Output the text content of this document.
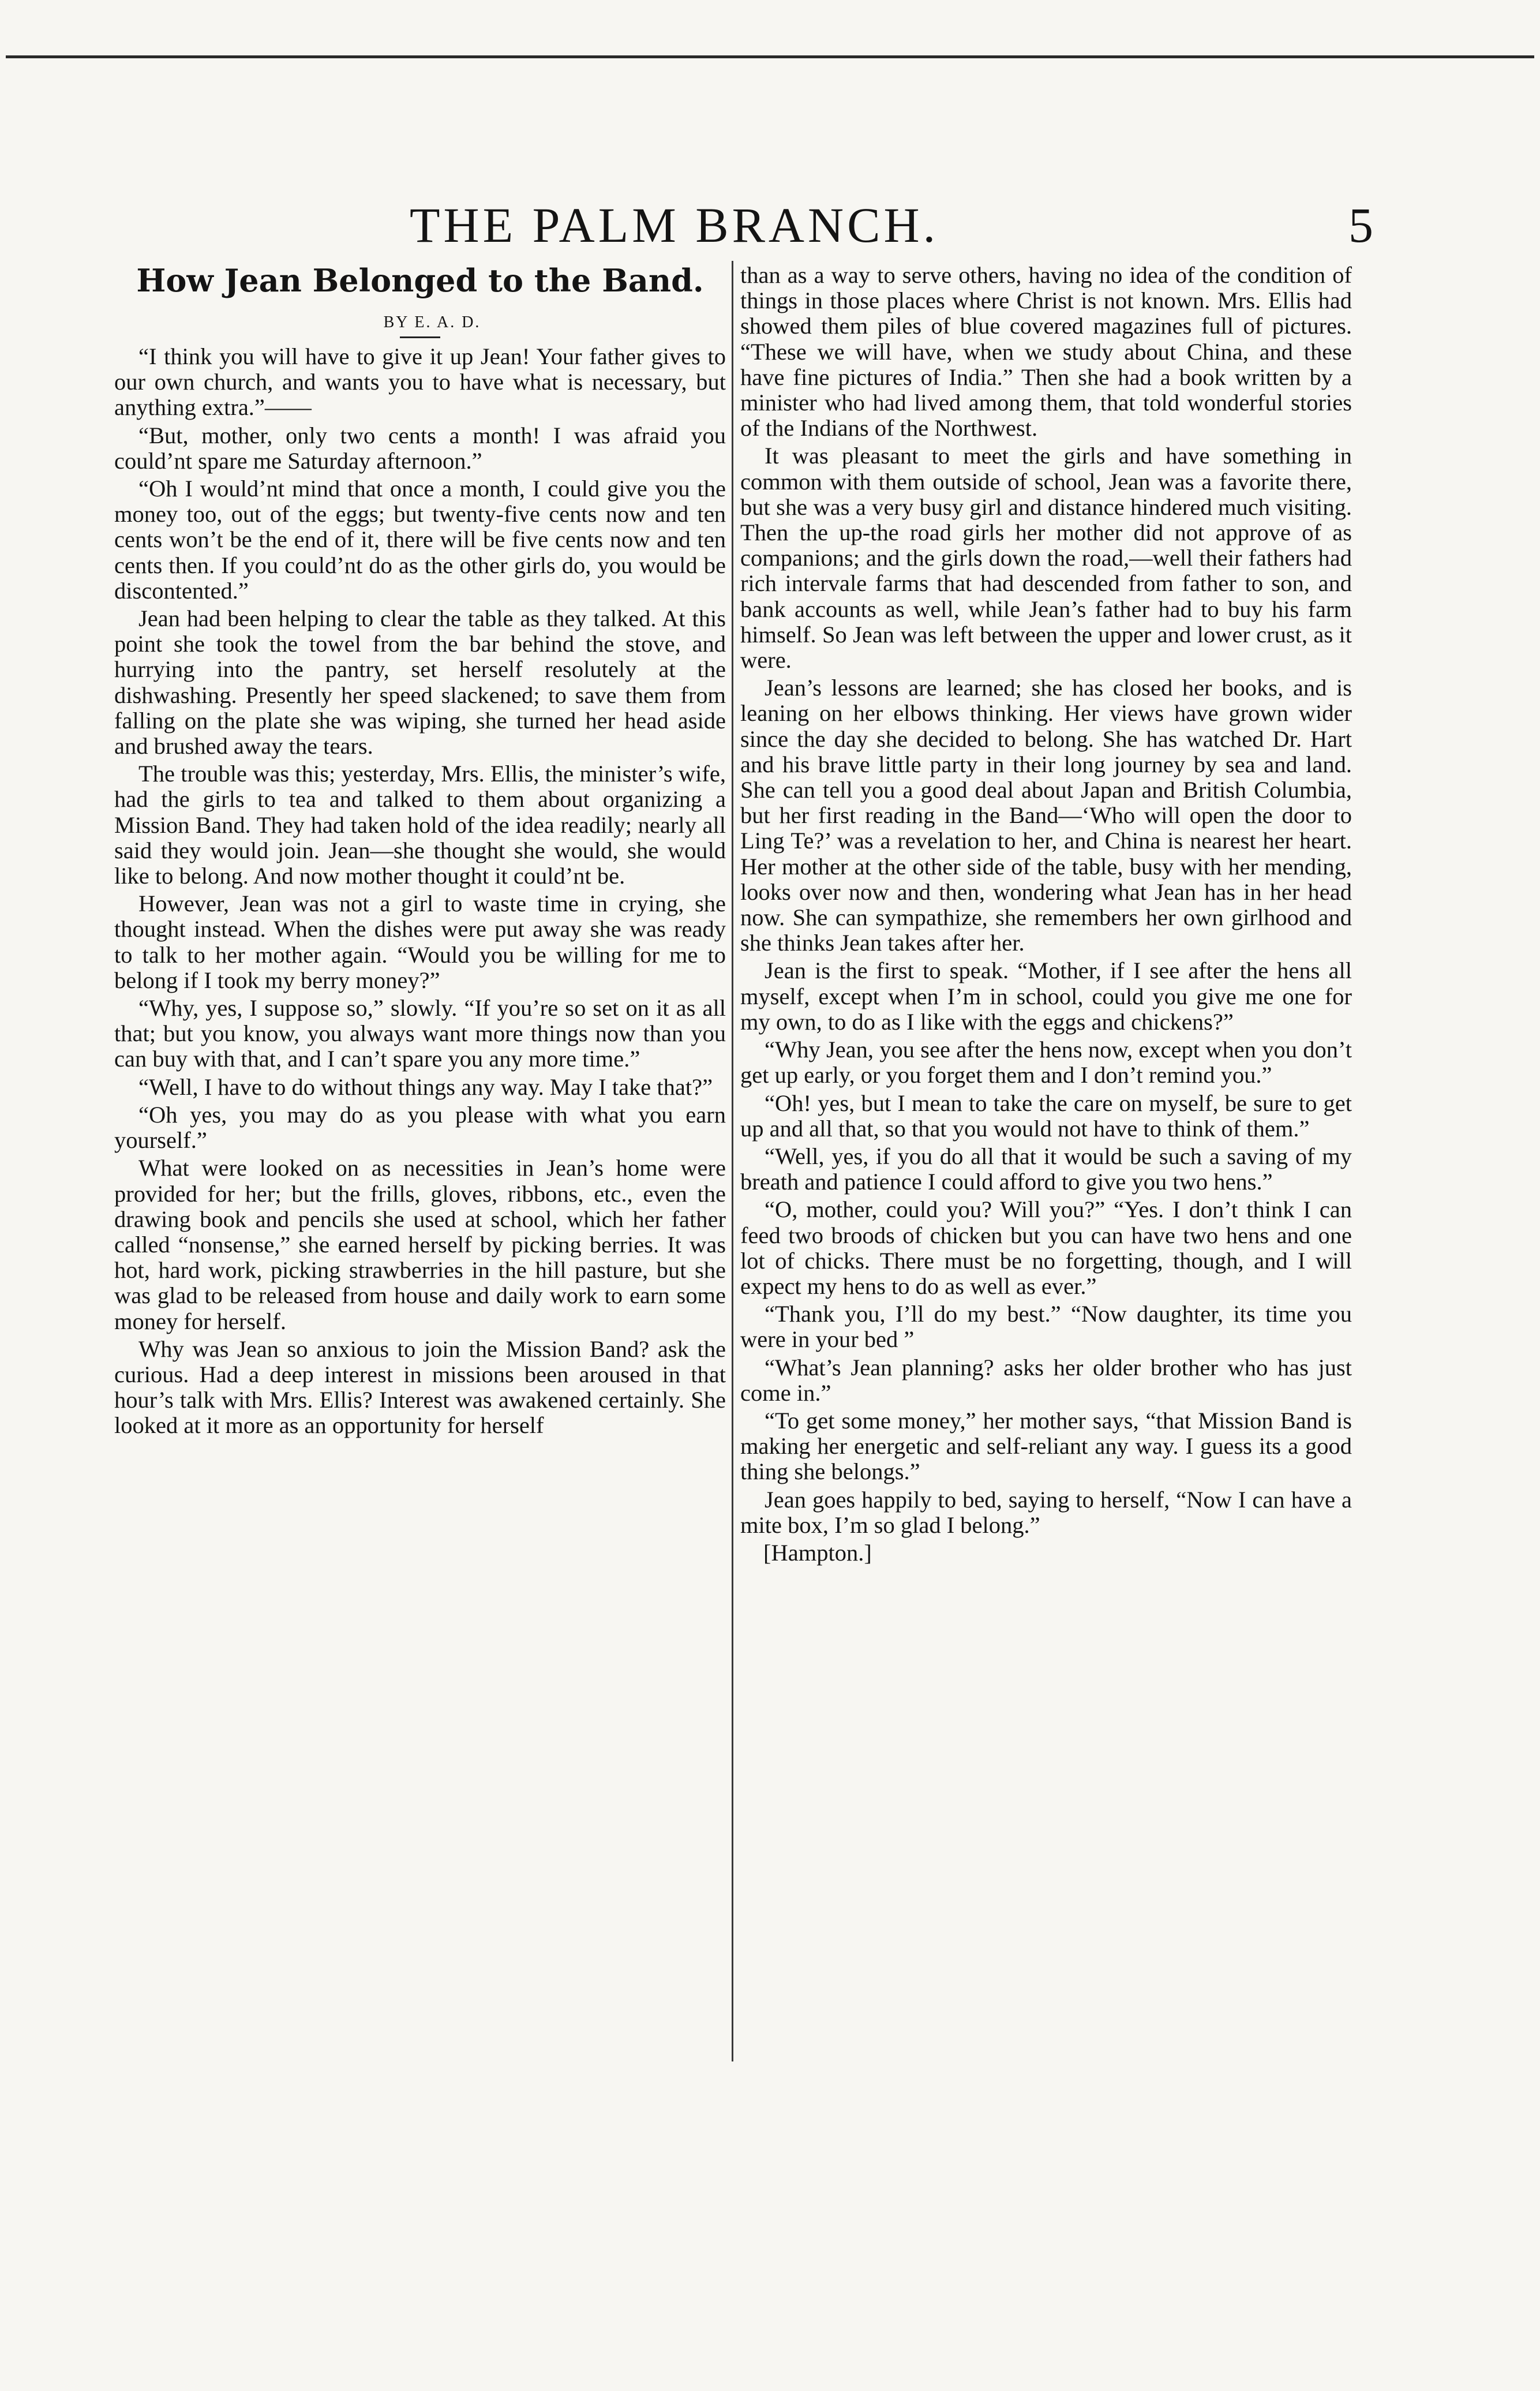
THE PALM BRANCH.	5
How Jean Belonged to the Band.

BY E. A. D.

“I think you will have to give it up Jean! Your father gives to our own church, and wants you to have what is necessary, but anything extra.”——

“But, mother, only two cents a month! I was afraid you could’nt spare me Saturday afternoon.”

“Oh I would’nt mind that once a month, I could give you the money too, out of the eggs; but twenty-five cents now and ten cents won’t be the end of it, there will be five cents now and ten cents then. If you could’nt do as the other girls do, you would be discontented.”

Jean had been helping to clear the table as they talked. At this point she took the towel from the bar behind the stove, and hurrying into the pantry, set herself resolutely at the dishwashing. Presently her speed slackened; to save them from falling on the plate she was wiping, she turned her head aside and brushed away the tears.

The trouble was this; yesterday, Mrs. Ellis, the minister’s wife, had the girls to tea and talked to them about organizing a Mission Band. They had taken hold of the idea readily; nearly all said they would join. Jean—she thought she would, she would like to belong. And now mother thought it could’nt be.

However, Jean was not a girl to waste time in crying, she thought instead. When the dishes were put away she was ready to talk to her mother again. “Would you be willing for me to belong if I took my berry money?”

“Why, yes, I suppose so,” slowly. “If you’re so set on it as all that; but you know, you always want more things now than you can buy with that, and I can’t spare you any more time.”

“Well, I have to do without things any way. May I take that?”

“Oh yes, you may do as you please with what you earn yourself.”

What were looked on as necessities in Jean’s home were provided for her; but the frills, gloves, ribbons, etc., even the drawing book and pencils she used at school, which her father called “nonsense,” she earned herself by picking berries. It was hot, hard work, picking strawberries in the hill pasture, but she was glad to be released from house and daily work to earn some money for herself.

Why was Jean so anxious to join the Mission Band? ask the curious. Had a deep interest in missions been aroused in that hour’s talk with Mrs. Ellis? Interest was awakened certainly. She looked at it more as an opportunity for herself

than as a way to serve others, having no idea of the condition of things in those places where Christ is not known. Mrs. Ellis had showed them piles of blue covered magazines full of pictures. “These we will have, when we study about China, and these have fine pictures of India.” Then she had a book written by a minister who had lived among them, that told wonderful stories of the Indians of the Northwest.

It was pleasant to meet the girls and have something in common with them outside of school, Jean was a favorite there, but she was a very busy girl and distance hindered much visiting. Then the up-the road girls her mother did not approve of as companions; and the girls down the road,—well their fathers had rich intervale farms that had descended from father to son, and bank accounts as well, while Jean’s father had to buy his farm himself. So Jean was left between the upper and lower crust, as it were.

Jean’s lessons are learned; she has closed her books, and is leaning on her elbows thinking. Her views have grown wider since the day she decided to belong. She has watched Dr. Hart and his brave little party in their long journey by sea and land. She can tell you a good deal about Japan and British Columbia, but her first reading in the Band—‘Who will open the door to Ling Te?’ was a revelation to her, and China is nearest her heart. Her mother at the other side of the table, busy with her mending, looks over now and then, wondering what Jean has in her head now. She can sympathize, she remembers her own girlhood and she thinks Jean takes after her.

Jean is the first to speak. “Mother, if I see after the hens all myself, except when I’m in school, could you give me one for my own, to do as I like with the eggs and chickens?”

“Why Jean, you see after the hens now, except when you don’t get up early, or you forget them and I don’t remind you.”

“Oh! yes, but I mean to take the care on myself, be sure to get up and all that, so that you would not have to think of them.”

“Well, yes, if you do all that it would be such a saving of my breath and patience I could afford to give you two hens.”

“O, mother, could you? Will you?” “Yes. I don’t think I can feed two broods of chicken but you can have two hens and one lot of chicks. There must be no forgetting, though, and I will expect my hens to do as well as ever.”

“Thank you, I’ll do my best.” “Now daughter, its time you were in your bed ”

“What’s Jean planning? asks her older brother who has just come in.”

“To get some money,” her mother says, “that Mission Band is making her energetic and self-reliant any way. I guess its a good thing she belongs.”

Jean goes happily to bed, saying to herself, “Now I can have a mite box, I’m so glad I belong.”

[Hampton.]
